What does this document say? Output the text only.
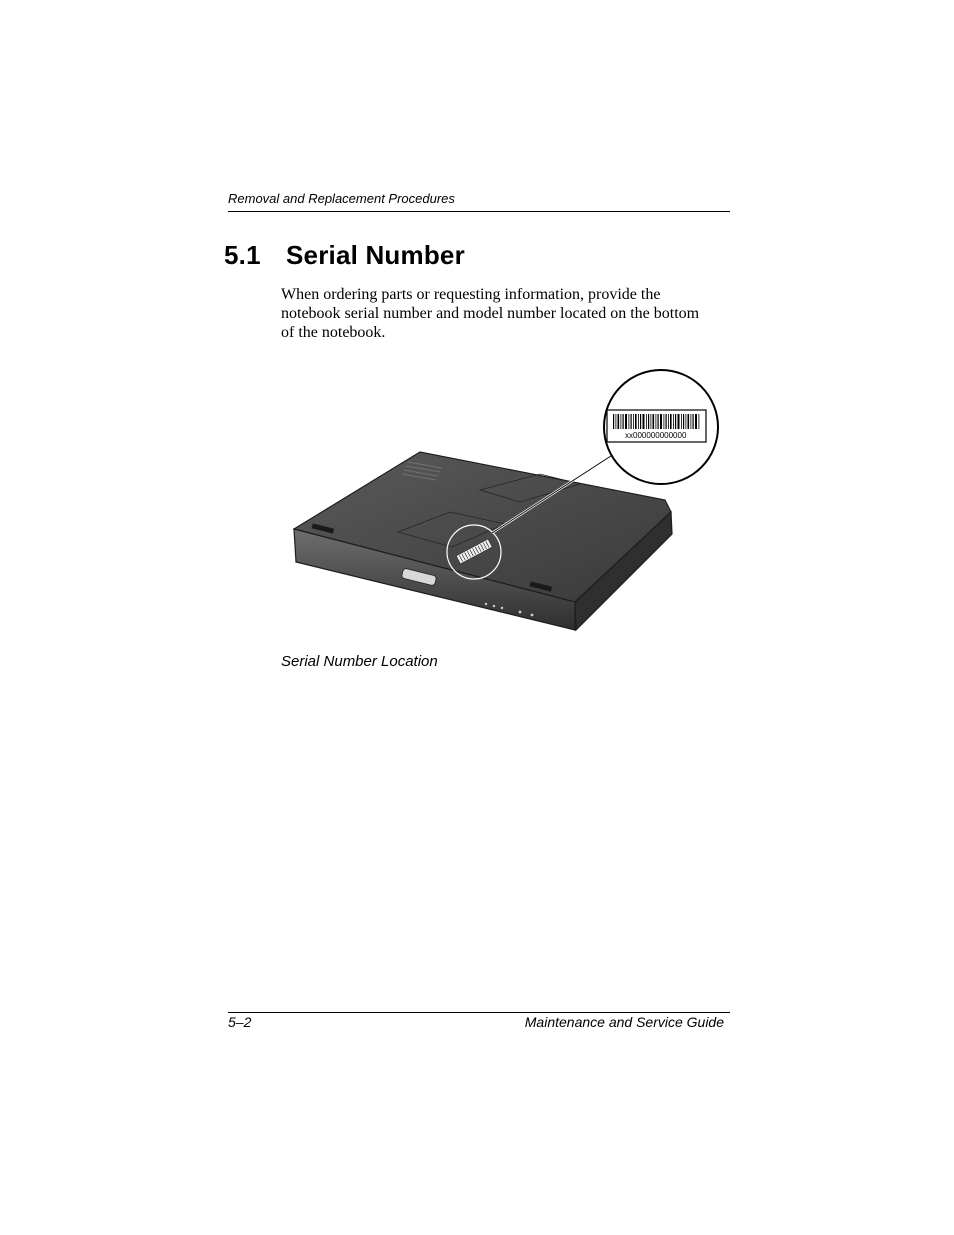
Removal and Replacement Procedures
5.1 Serial Number

When ordering parts or requesting information, provide the notebook serial number and model number located on the bottom of the notebook.

xx000000000000
Serial Number Location
5–2	Maintenance and Service Guide
